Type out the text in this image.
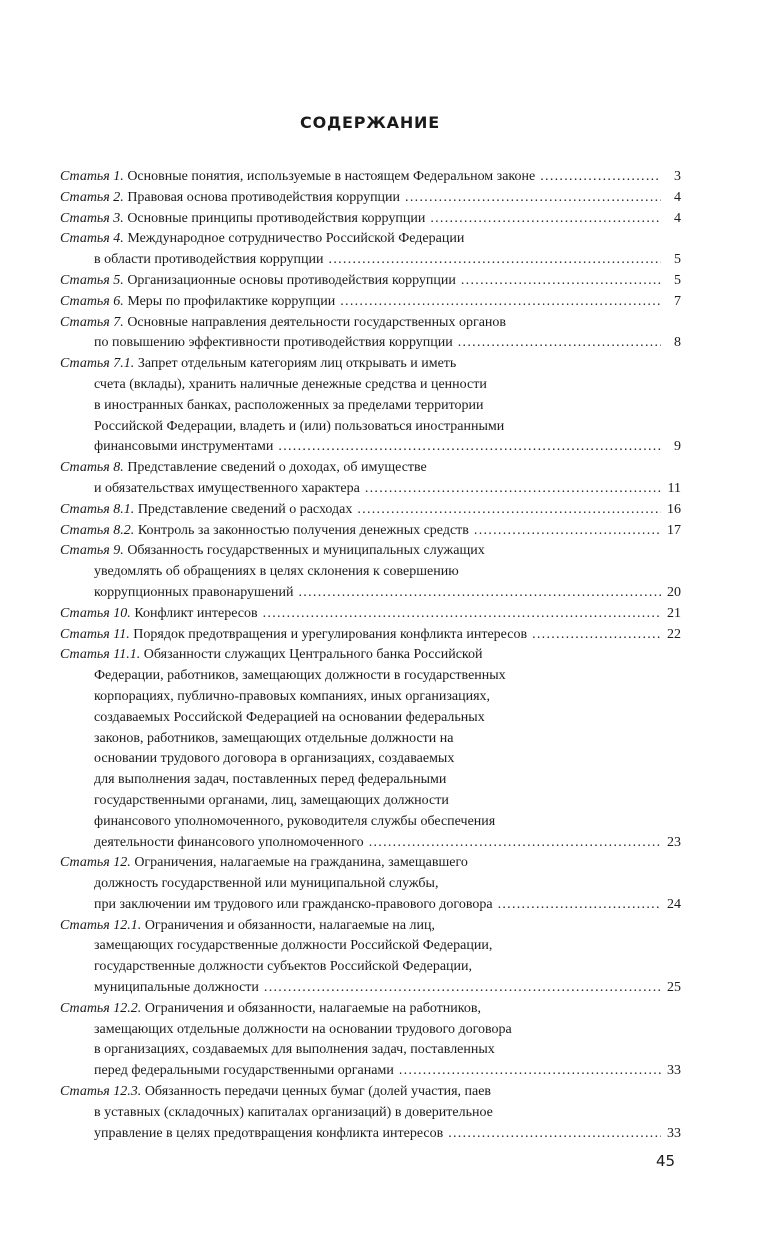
СОДЕРЖАНИЕ
Статья 1. Основные понятия, используемые в настоящем Федеральном законе .....	3
Статья 2. Правовая основа противодействия коррупции .....	4
Статья 3. Основные принципы противодействия коррупции .....	4
Статья 4. Международное сотрудничество Российской Федерации
в области противодействия коррупции .....	5
Статья 5. Организационные основы противодействия коррупции .....	5
Статья 6. Меры по профилактике коррупции .....	7
Статья 7. Основные направления деятельности государственных органов
по повышению эффективности противодействия коррупции .....	8
Статья 7.1. Запрет отдельным категориям лиц открывать и иметь
счета (вклады), хранить наличные денежные средства и ценности
в иностранных банках, расположенных за пределами территории
Российской Федерации, владеть и (или) пользоваться иностранными
финансовыми инструментами .....	9
Статья 8. Представление сведений о доходах, об имуществе
и обязательствах имущественного характера .....	11
Статья 8.1. Представление сведений о расходах .....	16
Статья 8.2. Контроль за законностью получения денежных средств .....	17
Статья 9. Обязанность государственных и муниципальных служащих
уведомлять об обращениях в целях склонения к совершению
коррупционных правонарушений .....	20
Статья 10. Конфликт интересов .....	21
Статья 11. Порядок предотвращения и урегулирования конфликта интересов .....	22
Статья 11.1. Обязанности служащих Центрального банка Российской
Федерации, работников, замещающих должности в государственных
корпорациях, публично-правовых компаниях, иных организациях,
создаваемых Российской Федерацией на основании федеральных
законов, работников, замещающих отдельные должности на
основании трудового договора в организациях, создаваемых
для выполнения задач, поставленных перед федеральными
государственными органами, лиц, замещающих должности
финансового уполномоченного, руководителя службы обеспечения
деятельности финансового уполномоченного .....	23
Статья 12. Ограничения, налагаемые на гражданина, замещавшего
должность государственной или муниципальной службы,
при заключении им трудового или гражданско-правового договора .....	24
Статья 12.1. Ограничения и обязанности, налагаемые на лиц,
замещающих государственные должности Российской Федерации,
государственные должности субъектов Российской Федерации,
муниципальные должности .....	25
Статья 12.2. Ограничения и обязанности, налагаемые на работников,
замещающих отдельные должности на основании трудового договора
в организациях, создаваемых для выполнения задач, поставленных
перед федеральными государственными органами .....	33
Статья 12.3. Обязанность передачи ценных бумаг (долей участия, паев
в уставных (складочных) капиталах организаций) в доверительное
управление в целях предотвращения конфликта интересов .....	33
45
